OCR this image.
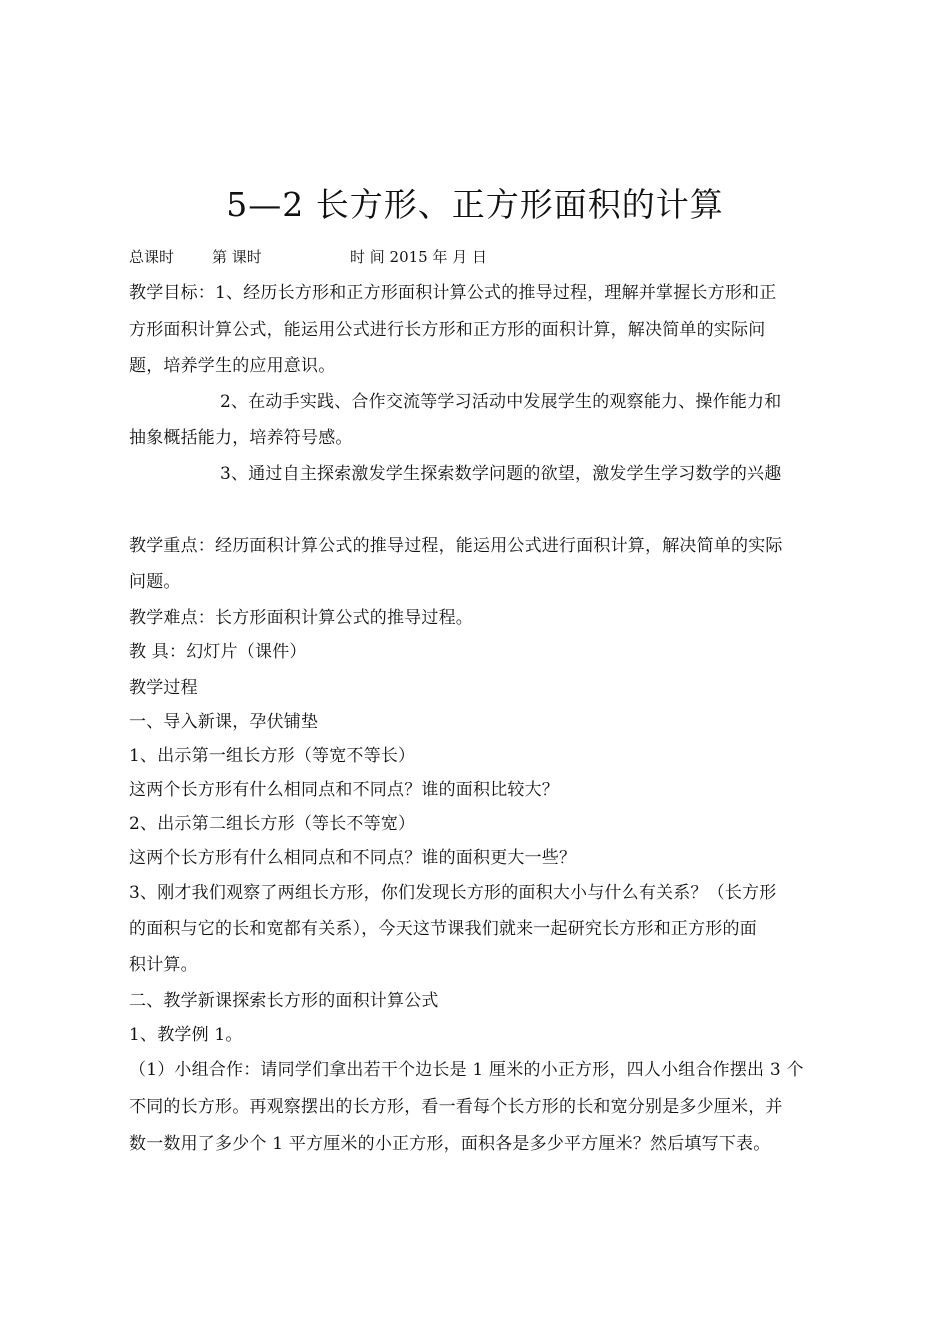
5—2 长方形、正方形面积的计算
总课时	第 课时	时 间 2015 年 月 日
教学目标：1、经历长方形和正方形面积计算公式的推导过程，理解并掌握长方形和正
方形面积计算公式，能运用公式进行长方形和正方形的面积计算，解决简单的实际问
题，培养学生的应用意识。
2、在动手实践、合作交流等学习活动中发展学生的观察能力、操作能力和
抽象概括能力，培养符号感。
3、通过自主探索激发学生探索数学问题的欲望，激发学生学习数学的兴趣
教学重点：经历面积计算公式的推导过程，能运用公式进行面积计算，解决简单的实际
问题。
教学难点：长方形面积计算公式的推导过程。
教 具：幻灯片（课件）
教学过程
一、导入新课，孕伏铺垫
1、出示第一组长方形（等宽不等长）
这两个长方形有什么相同点和不同点？谁的面积比较大？
2、出示第二组长方形（等长不等宽）
这两个长方形有什么相同点和不同点？谁的面积更大一些？
3、刚才我们观察了两组长方形，你们发现长方形的面积大小与什么有关系？（长方形
的面积与它的长和宽都有关系），今天这节课我们就来一起研究长方形和正方形的面
积计算。
二、教学新课探索长方形的面积计算公式
1、教学例 1。
（1）小组合作：请同学们拿出若干个边长是 1 厘米的小正方形，四人小组合作摆出 3 个
不同的长方形。再观察摆出的长方形，看一看每个长方形的长和宽分别是多少厘米，并
数一数用了多少个 1 平方厘米的小正方形，面积各是多少平方厘米？然后填写下表。
